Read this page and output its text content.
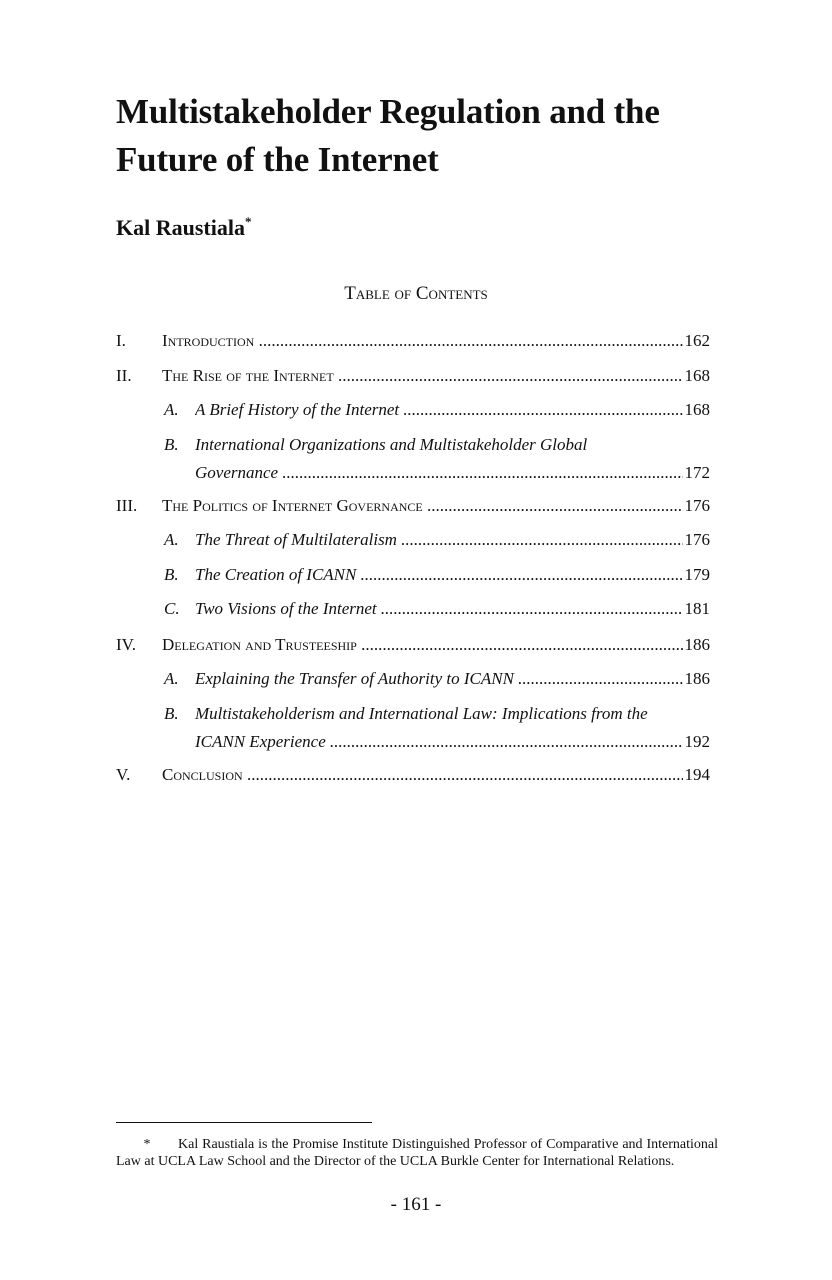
Multistakeholder Regulation and the Future of the Internet

Kal Raustiala*

Table of Contents

I. Introduction .....	162
II. The Rise of the Internet .....	168
A. A Brief History of the Internet .....	168
B. International Organizations and Multistakeholder Global
Governance .....	172
III. The Politics of Internet Governance .....	176
A. The Threat of Multilateralism .....	176
B. The Creation of ICANN .....	179
C. Two Visions of the Internet .....	181
IV. Delegation and Trusteeship .....	186
A. Explaining the Transfer of Authority to ICANN .....	186
B. Multistakeholderism and International Law: Implications from the
ICANN Experience .....	192
V. Conclusion .....	194
* Kal Raustiala is the Promise Institute Distinguished Professor of Comparative and International Law at UCLA Law School and the Director of the UCLA Burkle Center for International Relations.
- 161 -
